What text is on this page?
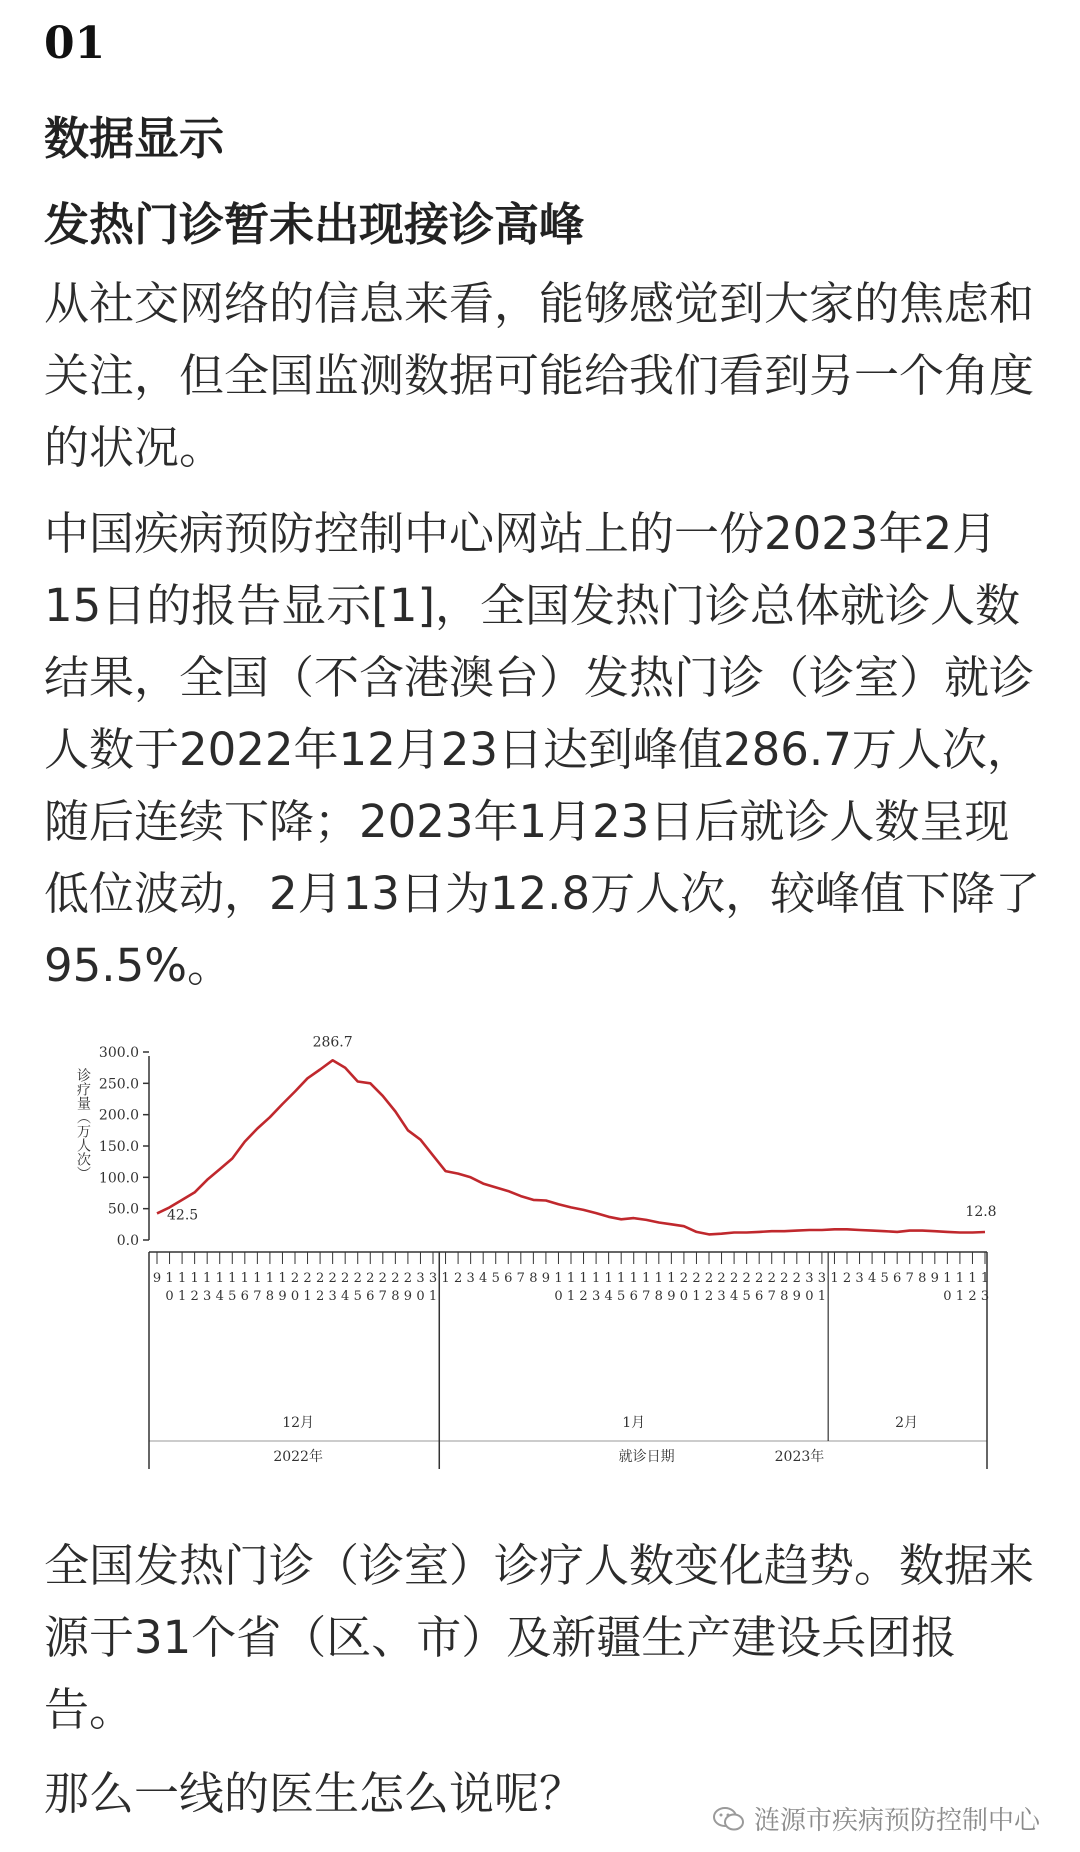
01
数据显示
发热门诊暂未出现接诊高峰

从社交网络的信息来看，能够感觉到大家的焦虑和关注，但全国监测数据可能给我们看到另一个角度的状况。

中国疾病预防控制中心网站上的一份2023年2月15日的报告显示[1]，全国发热门诊总体就诊人数结果，全国（不含港澳台）发热门诊（诊室）就诊人数于2022年12月23日达到峰值286.7万人次，随后连续下降；2023年1月23日后就诊人数呈现低位波动，2月13日为12.8万人次，较峰值下降了95.5%。

300.0
250.0
200.0
150.0
100.0
50.0
0.0
诊疗量（万人次）
9 1
0
1
1
1
2
1
3
1
4
1
5
1
6
1
7
1
8
1
9
2
0
2
1
2
2
2
3
2
4
2
5
2
6
2
7
2
8
2
9
3
0
3
1
1 2 3 4 5 6 7 8 9 1
0
1
1
1
2
1
3
1
4
1
5
1
6
1
7
1
8
1
9
2
0
2
1
2
2
2
3
2
4
2
5
2
6
2
7
2
8
2
9
3
0
3
1
1 2 3 4 5 6 7 8 9 1
0
1
1
1
2
1
3
12月	1月	2月
2022年	就诊日期	2023年
42.5
286.7
12.8

全国发热门诊（诊室）诊疗人数变化趋势。数据来源于31个省（区、市）及新疆生产建设兵团报告。

那么一线的医生怎么说呢？

涟源市疾病预防控制中心
